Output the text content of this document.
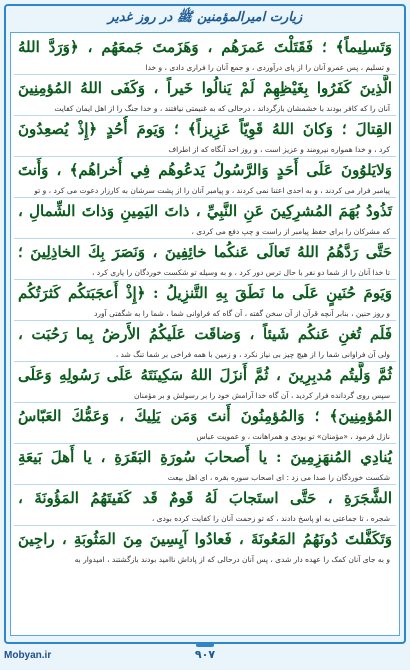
زیارت امیرالمؤمنین ﷺ در روز غدیر
وَتَسلِيماً﴾ ؛ فَقَتَلْتَ عَمرَهُم ، وَهَزَمتَ جَمعَهُم ، ﴿وَرَدَّ اللهُ
و تسلیم ، پس عمرو آنان را از پای درآوردی ، و جمع آنان را فراری دادی ، و خدا
الَّذِينَ كَفَرُوا بِغَيْظِهِمْ لَمْ يَنالُوا خَيراً ، وَكَفَى اللهُ المُؤمِنِينَ
آنان را که کافر بودند با خشمشان بازگرداند ، درحالی که به غنیمتی نیافتند ، و خدا جنگ را از اهل ایمان کفایت
القِتالَ ؛ وَكانَ اللهُ قَوِيّاً عَزِيزاً﴾ ؛ وَيَومَ أُحُدٍ ﴿إِذْ يُصعِدُونَ
کرد ، و خدا همواره نیرومند و عزیز است ، و روز احد آنگاه که از اطراف
وَلايَلوُونَ عَلَى أَحَدٍ وَالرَّسُولُ يَدعُوهُم فِي أُخراهُم﴾ ، وَأَنتَ
پیامبر فرار می کردند ، و به احدی اعتنا نمی کردند ، و پیامبر آنان را از پشت سرشان به کارزار دعوت می کرد ، و تو
تَذُودُ بُهَمَ المُشرِكِينَ عَنِ النَّبِيِّ ، ذاتَ اليَمِينِ وَذاتَ الشِّمالِ ،
که مشرکان را برای حفظ پیامبر از راست و چپ دفع می کردی ،
حَتَّى رَدَّهُمُ اللهُ تَعالَى عَنكُما خائِفِينَ ، وَنَصَرَ بِكَ الخاذِلِينَ ؛
تا خدا آنان را از شما دو نفر با حال ترس دور کرد ، و به وسیله تو شکست خوردگان را یاری کرد ،
وَيَومَ حُنَينٍ عَلَى ما نَطَقَ بِهِ التَّنزِيلُ : ﴿إِذْ أَعجَبَتكُم كَثرَتُكُم
و روز حنین ، بنابر آنچه قرآن از آن سخن گفته ، آن گاه که فراوانی شما ، شما را به شگفتی آورد
فَلَم تُغنِ عَنكُم شَيئاً ، وَضاقَت عَلَيكُمُ الأَرضُ بِما رَحُبَت ،
ولی آن فراوانی شما را از هیچ چیز بی نیاز نکرد ، و زمین با همه فراخی بر شما تنگ شد ،
ثُمَّ وَلَّيتُم مُدبِرِينَ ، ثُمَّ أَنزَلَ اللهُ سَكِينَتَهُ عَلَى رَسُولِهِ وَعَلَى
سپس روی گردانده فرار کردید ، آن گاه خدا آرامش خود را بر رسولش و بر مؤمنان
المُؤمِنِينَ﴾ ؛ وَالمُؤمِنُونَ أَنتَ وَمَن يَلِيكَ ، وَعَمُّكَ العَبّاسُ
نازل فرمود ، «مؤمنان» تو بودی و همراهانت ، و عمویت عباس
يُنادِي المُنهَزِمِينَ : يا أَصحابَ سُورَةِ البَقَرَةِ ، يا أَهلَ بَيعَةِ
شکست خوردگان را صدا می زد : ای اصحاب سوره بقره ، ای اهل بیعت
الشَّجَرَةِ ، حَتَّى استَجابَ لَهُ قَومٌ قَد كَفَيتَهُمُ المَؤُونَةَ ،
شجره ، تا جماعتی به او پاسخ دادند ، که تو زحمت آنان را کفایت کرده بودی ،
وَتَكَفَّلتَ دُونَهُمُ المَعُونَةَ ، فَعادُوا آيِسِينَ مِنَ المَثُوبَةِ ، راجِينَ
و به جای آنان کمک را عهده دار شدی ، پس آنان درحالی که از پاداش ناامید بودند بازگشتند ، امیدوار به
Mobyan.ir	۹۰۷
